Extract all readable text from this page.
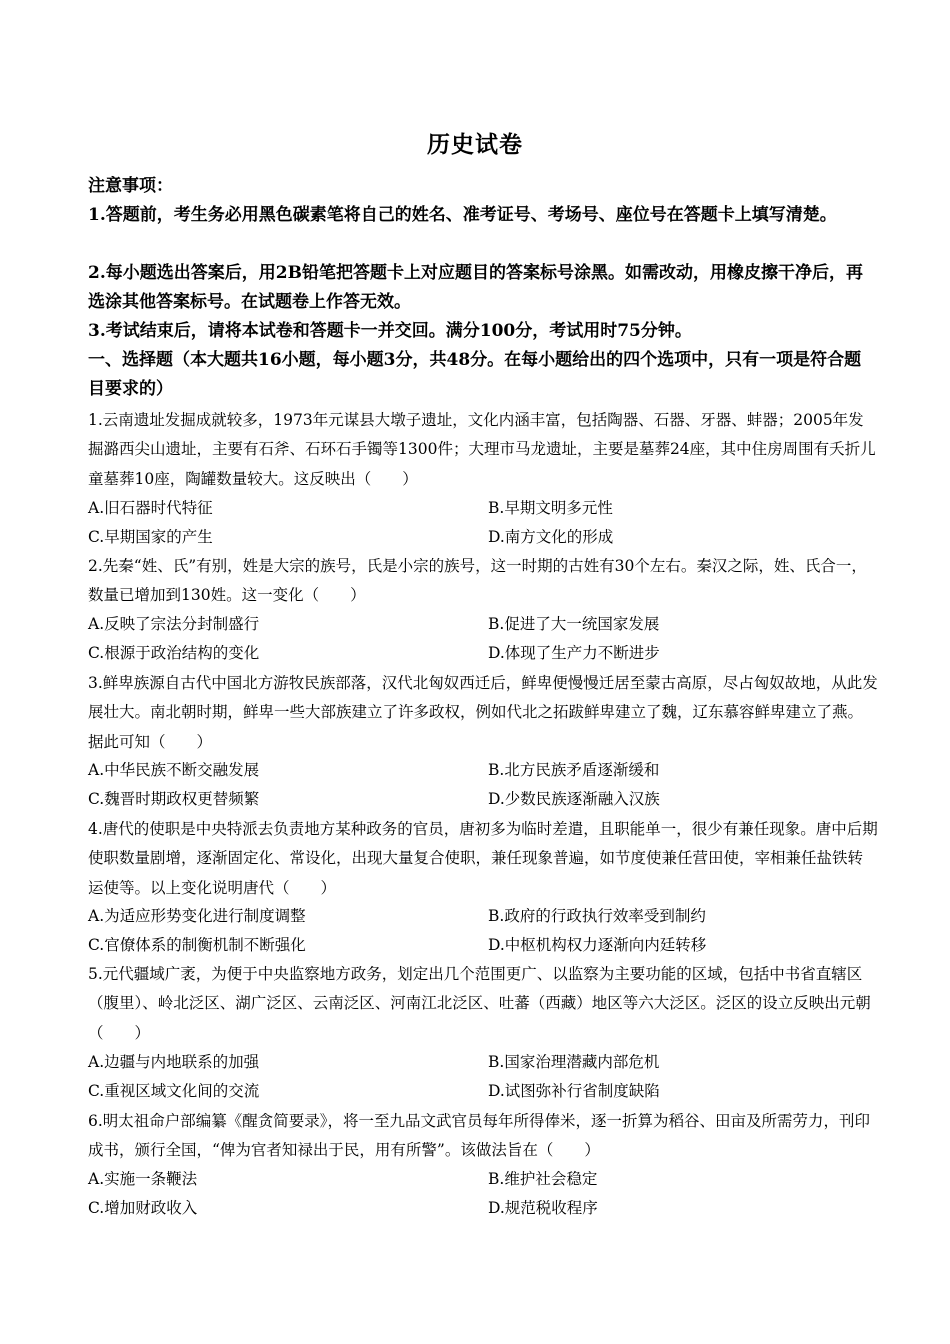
历史试卷
注意事项：
1.答题前，考生务必用黑色碳素笔将自己的姓名、准考证号、考场号、座位号在答题卡上填写清楚。
2.每小题选出答案后，用2B铅笔把答题卡上对应题目的答案标号涂黑。如需改动，用橡皮擦干净后，再选涂其他答案标号。在试题卷上作答无效。
3.考试结束后，请将本试卷和答题卡一并交回。满分100分，考试用时75分钟。
一、选择题（本大题共16小题，每小题3分，共48分。在每小题给出的四个选项中，只有一项是符合题目要求的）
1.云南遗址发掘成就较多，1973年元谋县大墩子遗址，文化内涵丰富，包括陶器、石器、牙器、蚌器；2005年发掘潞西尖山遗址，主要有石斧、石环石手镯等1300件；大理市马龙遗址，主要是墓葬24座，其中住房周围有夭折儿童墓葬10座，陶罐数量较大。这反映出（　　）
A.旧石器时代特征	B.早期文明多元性
C.早期国家的产生	D.南方文化的形成
2.先秦“姓、氏”有别，姓是大宗的族号，氏是小宗的族号，这一时期的古姓有30个左右。秦汉之际，姓、氏合一，数量已增加到130姓。这一变化（　　）
A.反映了宗法分封制盛行	B.促进了大一统国家发展
C.根源于政治结构的变化	D.体现了生产力不断进步
3.鲜卑族源自古代中国北方游牧民族部落，汉代北匈奴西迁后，鲜卑便慢慢迁居至蒙古高原，尽占匈奴故地，从此发展壮大。南北朝时期，鲜卑一些大部族建立了许多政权，例如代北之拓跋鲜卑建立了魏，辽东慕容鲜卑建立了燕。据此可知（　　）
A.中华民族不断交融发展	B.北方民族矛盾逐渐缓和
C.魏晋时期政权更替频繁	D.少数民族逐渐融入汉族
4.唐代的使职是中央特派去负责地方某种政务的官员，唐初多为临时差遣，且职能单一，很少有兼任现象。唐中后期使职数量剧增，逐渐固定化、常设化，出现大量复合使职，兼任现象普遍，如节度使兼任营田使，宰相兼任盐铁转运使等。以上变化说明唐代（　　）
A.为适应形势变化进行制度调整	B.政府的行政执行效率受到制约
C.官僚体系的制衡机制不断强化	D.中枢机构权力逐渐向内廷转移
5.元代疆域广袤，为便于中央监察地方政务，划定出几个范围更广、以监察为主要功能的区域，包括中书省直辖区（腹里）、岭北泛区、湖广泛区、云南泛区、河南江北泛区、吐蕃（西藏）地区等六大泛区。泛区的设立反映出元朝（　　）
A.边疆与内地联系的加强	B.国家治理潜藏内部危机
C.重视区域文化间的交流	D.试图弥补行省制度缺陷
6.明太祖命户部编纂《醒贪简要录》，将一至九品文武官员每年所得俸米，逐一折算为稻谷、田亩及所需劳力，刊印成书，颁行全国，“俾为官者知禄出于民，用有所警”。该做法旨在（　　）
A.实施一条鞭法	B.维护社会稳定
C.增加财政收入	D.规范税收程序
